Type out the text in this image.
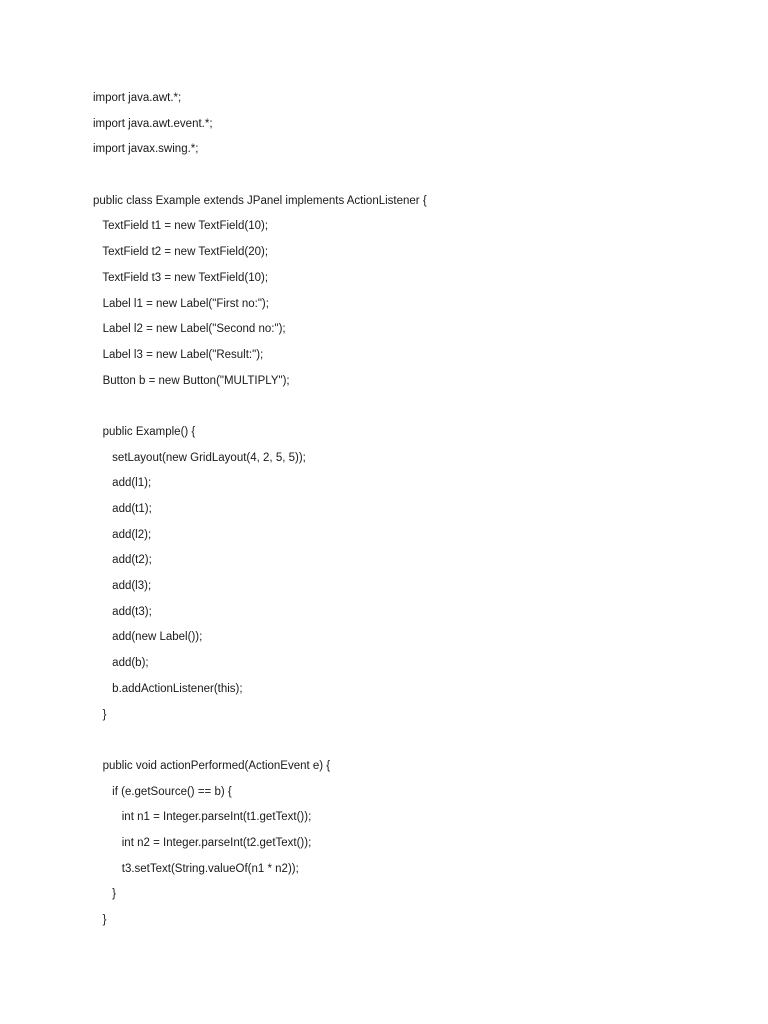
import java.awt.*;
import java.awt.event.*;
import javax.swing.*;
public class Example extends JPanel implements ActionListener {
TextField t1 = new TextField(10);
TextField t2 = new TextField(20);
TextField t3 = new TextField(10);
Label l1 = new Label("First no:");
Label l2 = new Label("Second no:");
Label l3 = new Label("Result:");
Button b = new Button("MULTIPLY");
public Example() {
setLayout(new GridLayout(4, 2, 5, 5));
add(l1);
add(t1);
add(l2);
add(t2);
add(l3);
add(t3);
add(new Label());
add(b);
b.addActionListener(this);
}
public void actionPerformed(ActionEvent e) {
if (e.getSource() == b) {
int n1 = Integer.parseInt(t1.getText());
int n2 = Integer.parseInt(t2.getText());
t3.setText(String.valueOf(n1 * n2));
}
}
